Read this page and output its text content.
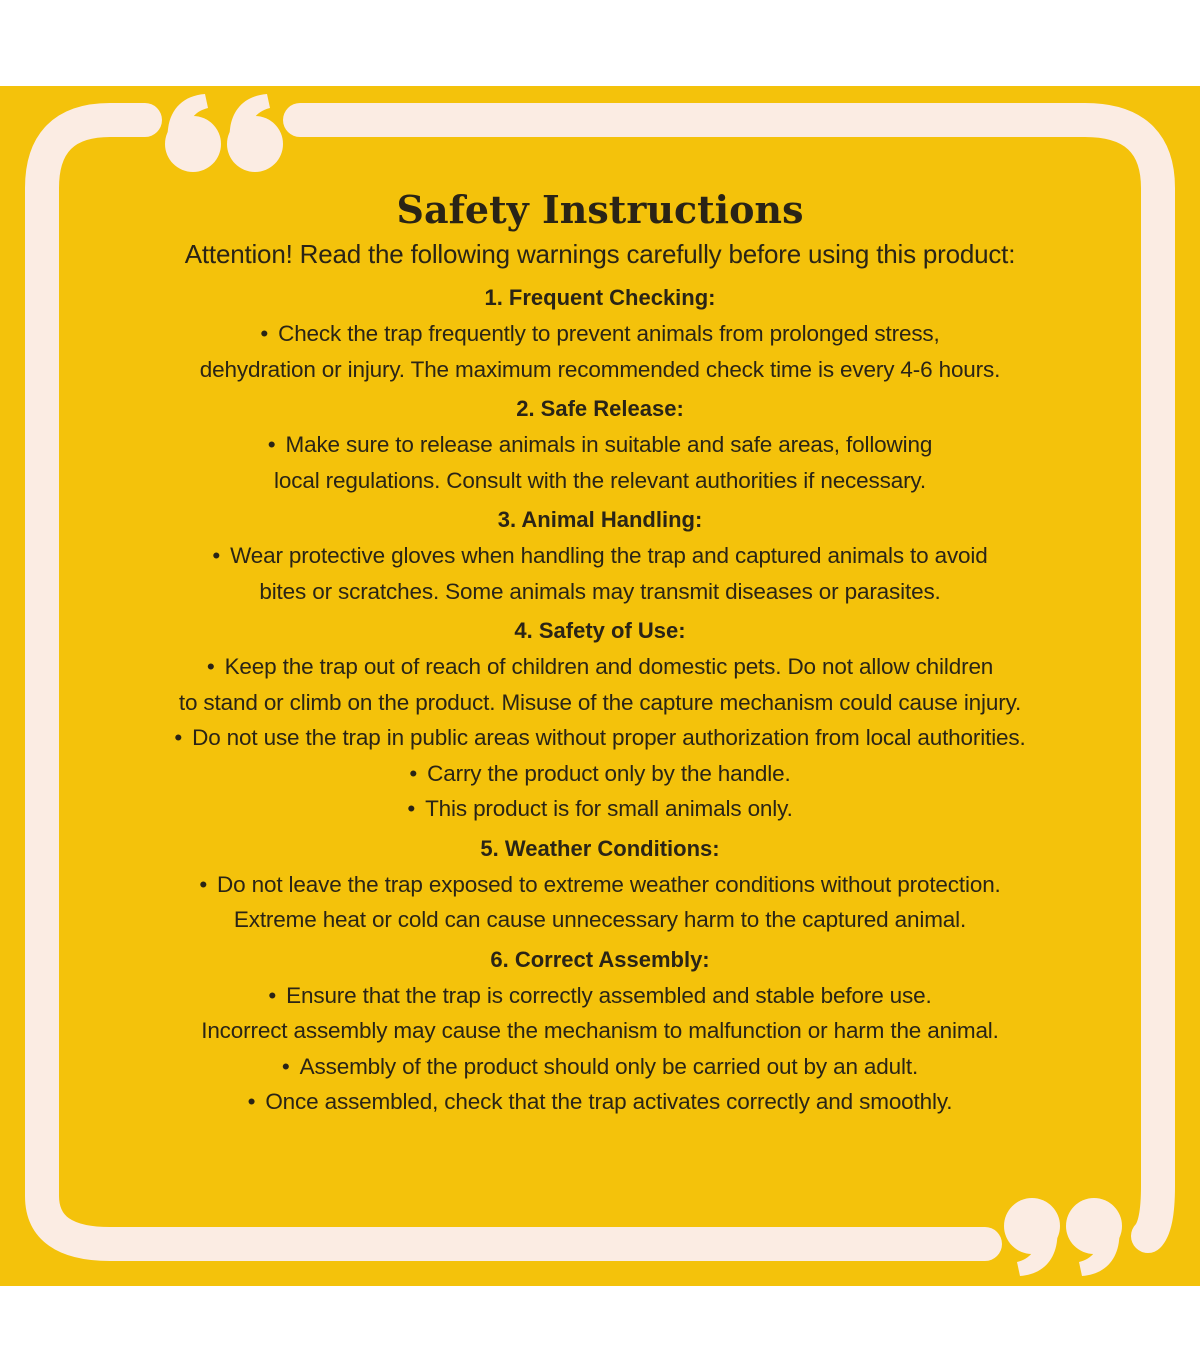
Safety Instructions

Attention! Read the following warnings carefully before using this product:

1. Frequent Checking:

• Check the trap frequently to prevent animals from prolonged stress,

dehydration or injury. The maximum recommended check time is every 4-6 hours.

2. Safe Release:

• Make sure to release animals in suitable and safe areas, following

local regulations. Consult with the relevant authorities if necessary.

3. Animal Handling:

• Wear protective gloves when handling the trap and captured animals to avoid

bites or scratches. Some animals may transmit diseases or parasites.

4. Safety of Use:

• Keep the trap out of reach of children and domestic pets. Do not allow children

to stand or climb on the product. Misuse of the capture mechanism could cause injury.

• Do not use the trap in public areas without proper authorization from local authorities.

• Carry the product only by the handle.

• This product is for small animals only.

5. Weather Conditions:

• Do not leave the trap exposed to extreme weather conditions without protection.

Extreme heat or cold can cause unnecessary harm to the captured animal.

6. Correct Assembly:

• Ensure that the trap is correctly assembled and stable before use.

Incorrect assembly may cause the mechanism to malfunction or harm the animal.

• Assembly of the product should only be carried out by an adult.

• Once assembled, check that the trap activates correctly and smoothly.
